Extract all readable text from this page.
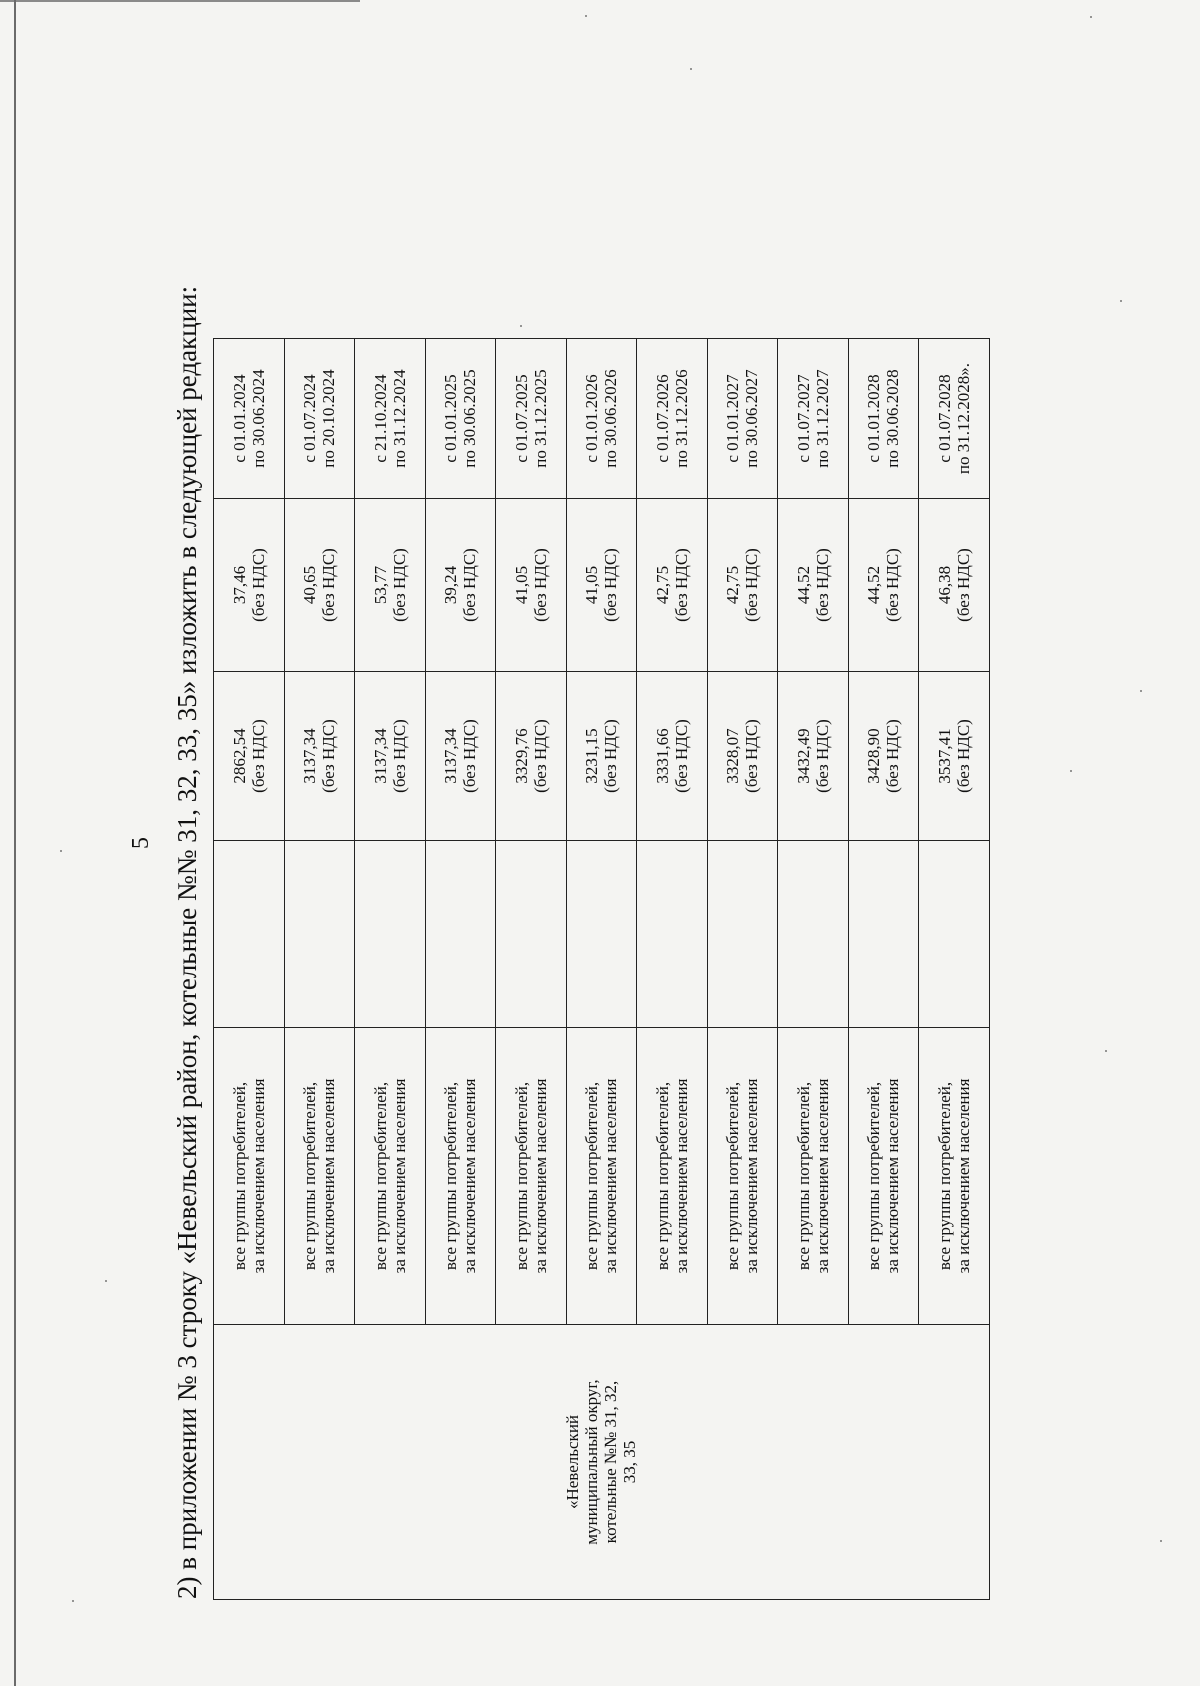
5 2) в приложении № 3 строку «Невельский район, котельные №№ 31, 32, 33, 35» изложить в следующей редакции:	«Невельский муниципальный округ, котельные №№ 31, 32, 33, 35	все группы потребителей, за исключением населения		2862,54 (без НДС)	37,46 (без НДС)	с 01.01.2024 по 30.06.2024

	все группы потребителей, за исключением населения		3137,34 (без НДС)	40,65 (без НДС)	с 01.07.2024 по 20.10.2024

	все группы потребителей, за исключением населения		3137,34 (без НДС)	53,77 (без НДС)	с 21.10.2024 по 31.12.2024

	все группы потребителей, за исключением населения		3137,34 (без НДС)	39,24 (без НДС)	с 01.01.2025 по 30.06.2025

	все группы потребителей, за исключением населения		3329,76 (без НДС)	41,05 (без НДС)	с 01.07.2025 по 31.12.2025

	все группы потребителей, за исключением населения		3231,15 (без НДС)	41,05 (без НДС)	с 01.01.2026 по 30.06.2026

	все группы потребителей, за исключением населения		3331,66 (без НДС)	42,75 (без НДС)	с 01.07.2026 по 31.12.2026

	все группы потребителей, за исключением населения		3328,07 (без НДС)	42,75 (без НДС)	с 01.01.2027 по 30.06.2027

	все группы потребителей, за исключением населения		3432,49 (без НДС)	44,52 (без НДС)	с 01.07.2027 по 31.12.2027

	все группы потребителей, за исключением населения		3428,90 (без НДС)	44,52 (без НДС)	с 01.01.2028 по 30.06.2028

	все группы потребителей, за исключением населения		3537,41 (без НДС)	46,38 (без НДС)	с 01.07.2028 по 31.12.2028».
